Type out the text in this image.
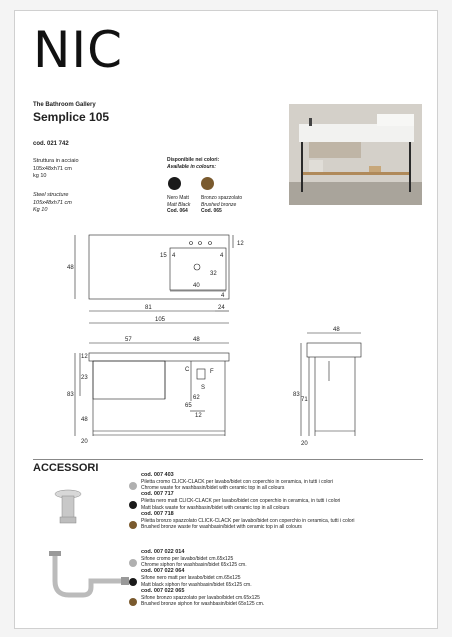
NIC
The Bathroom Gallery
Semplice 105
cod. 021 742
Struttura in acciaio
105x48xh71 cm
kg 10
Steel structure
105x48xh71 cm
Kg 10
Disponibile nei colori:
Available in colours:
Nero Matt
Matt Black
Cod. 064
Bronzo spazzolato
Brushed bronze
Cod. 065
48
12
15
32
40
4	4
4
81	24
105
57	48
83
48
12
23
20
62
65
12
C	F
S
48
83
71
20
ACCESSORI
cod. 007 403
Piletta cromo CLICK-CLACK per lavabo/bidet con coperchio in ceramica, in tutti i colori
Chrome waste for washbasin/bidet with ceramic top in all colours
cod. 007 717
Piletta nero matt CLICK-CLACK per lavabo/bidet con coperchio in ceramica, in tutti i colori
Matt black waste for washbasin/bidet with ceramic top in all colours
cod. 007 718
Piletta bronzo spazzolato CLICK-CLACK per lavabo/bidet con coperchio in ceramica, tutti i colori
Brushed bronze waste for washbasin/bidet with ceramic top in all colours
cod. 007 022 014
Sifone cromo per lavabo/bidet cm.65x125
Chrome siphon for washbasin/bidet 65x125 cm.
cod. 007 022 064
Sifone nero matt per lavabo/bidet cm.65x125
Matt black siphon for washbasin/bidet 65x125 cm.
cod. 007 022 065
Sifone bronzo spazzolato per lavabo/bidet cm.65x125
Brushed bronze siphon for washbasin/bidet 65x125 cm.
